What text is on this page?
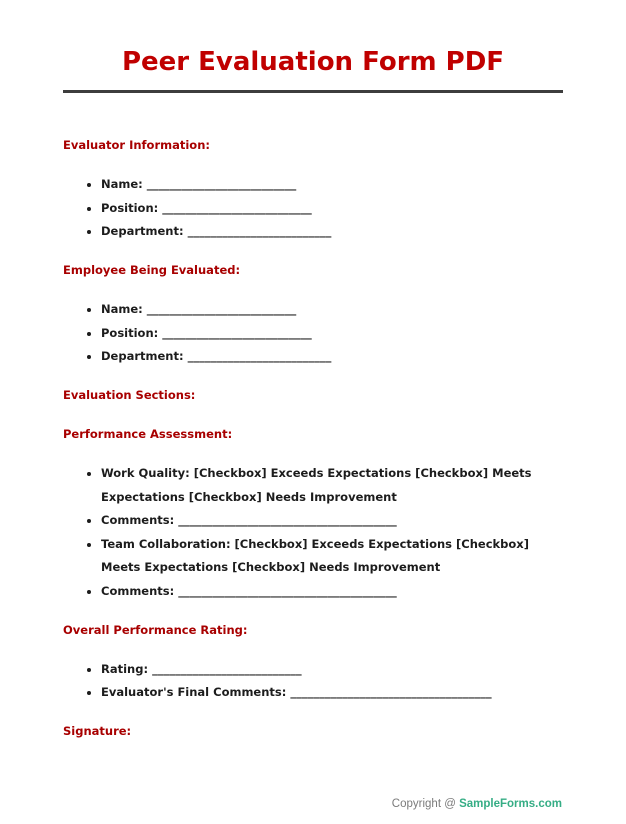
Peer Evaluation Form PDF
Evaluator Information:
• Name: __________________________
• Position: __________________________
• Department: _________________________
Employee Being Evaluated:
• Name: __________________________
• Position: __________________________
• Department: _________________________
Evaluation Sections:
Performance Assessment:
• Work Quality: [Checkbox] Exceeds Expectations [Checkbox] Meets Expectations [Checkbox] Needs Improvement
• Comments: ______________________________________
• Team Collaboration: [Checkbox] Exceeds Expectations [Checkbox] Meets Expectations [Checkbox] Needs Improvement
• Comments: ______________________________________
Overall Performance Rating:
• Rating: __________________________
• Evaluator's Final Comments: ___________________________________
Signature:
Copyright @ SampleForms.com
